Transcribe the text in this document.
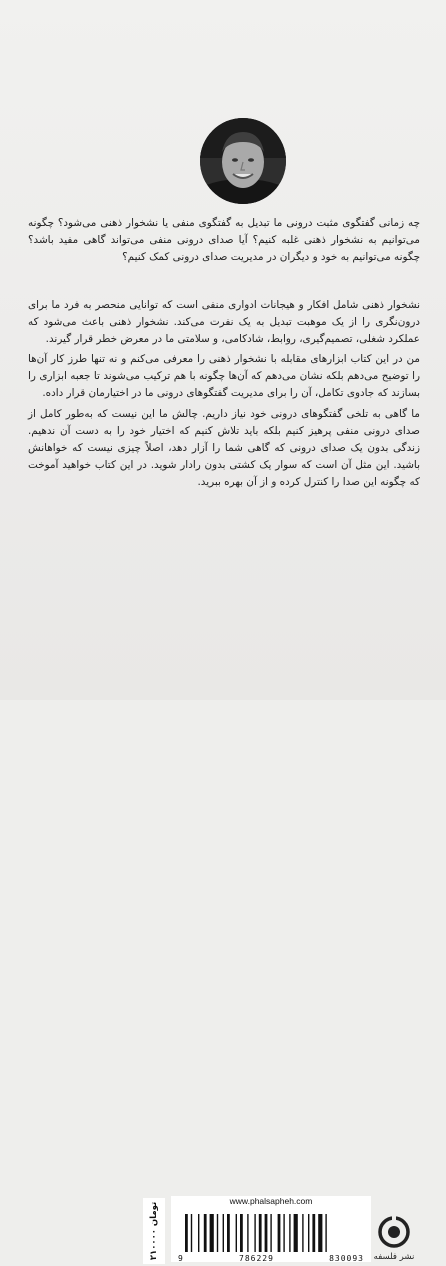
چه زمانی گفتگوی مثبت درونی ما تبدیل به گفتگوی منفی یا نشخوار ذهنی می‌شود؟ چگونه می‌توانیم به نشخوار ذهنی غلبه کنیم؟ آیا صدای درونی منفی می‌تواند گاهی مفید باشد؟ چگونه می‌توانیم به خود و دیگران در مدیریت صدای درونی کمک کنیم؟
نشخوار ذهنی شامل افکار و هیجانات ادواری منفی است که توانایی منحصر به فرد ما برای درون‌نگری را از یک موهبت تبدیل به یک نفرت می‌کند. نشخوار ذهنی باعث می‌شود که عملکرد شغلی، تصمیم‌گیری، روابط، شادکامی، و سلامتی ما در معرض خطر قرار گیرند.
من در این کتاب ابزارهای مقابله با نشخوار ذهنی را معرفی می‌کنم و نه تنها طرز کار آن‌ها را توضیح می‌دهم بلکه نشان می‌دهم که آن‌ها چگونه با هم ترکیب می‌شوند تا جعبه ابزاری را بسازند که جادوی تکامل، آن را برای مدیریت گفتگوهای درونی ما در اختیارمان قرار داده.
ما گاهی به تلخی گفتگوهای درونی خود نیاز داریم. چالش ما این نیست که به‌طور کامل از صدای درونی منفی پرهیز کنیم بلکه باید تلاش کنیم که اختیار خود را به دست آن ندهیم. زندگی بدون یک صدای درونی که گاهی شما را آزار دهد، اصلاً چیزی نیست که خواهانش باشید. این مثل آن است که سوار یک کشتی بدون رادار شوید. در این کتاب خواهید آموخت که چگونه این صدا را کنترل کرده و از آن بهره ببرید.
۲۱۰۰۰۰ تومان
www.phalsapheh.com
9	786229	830093	نشر فلسفه
